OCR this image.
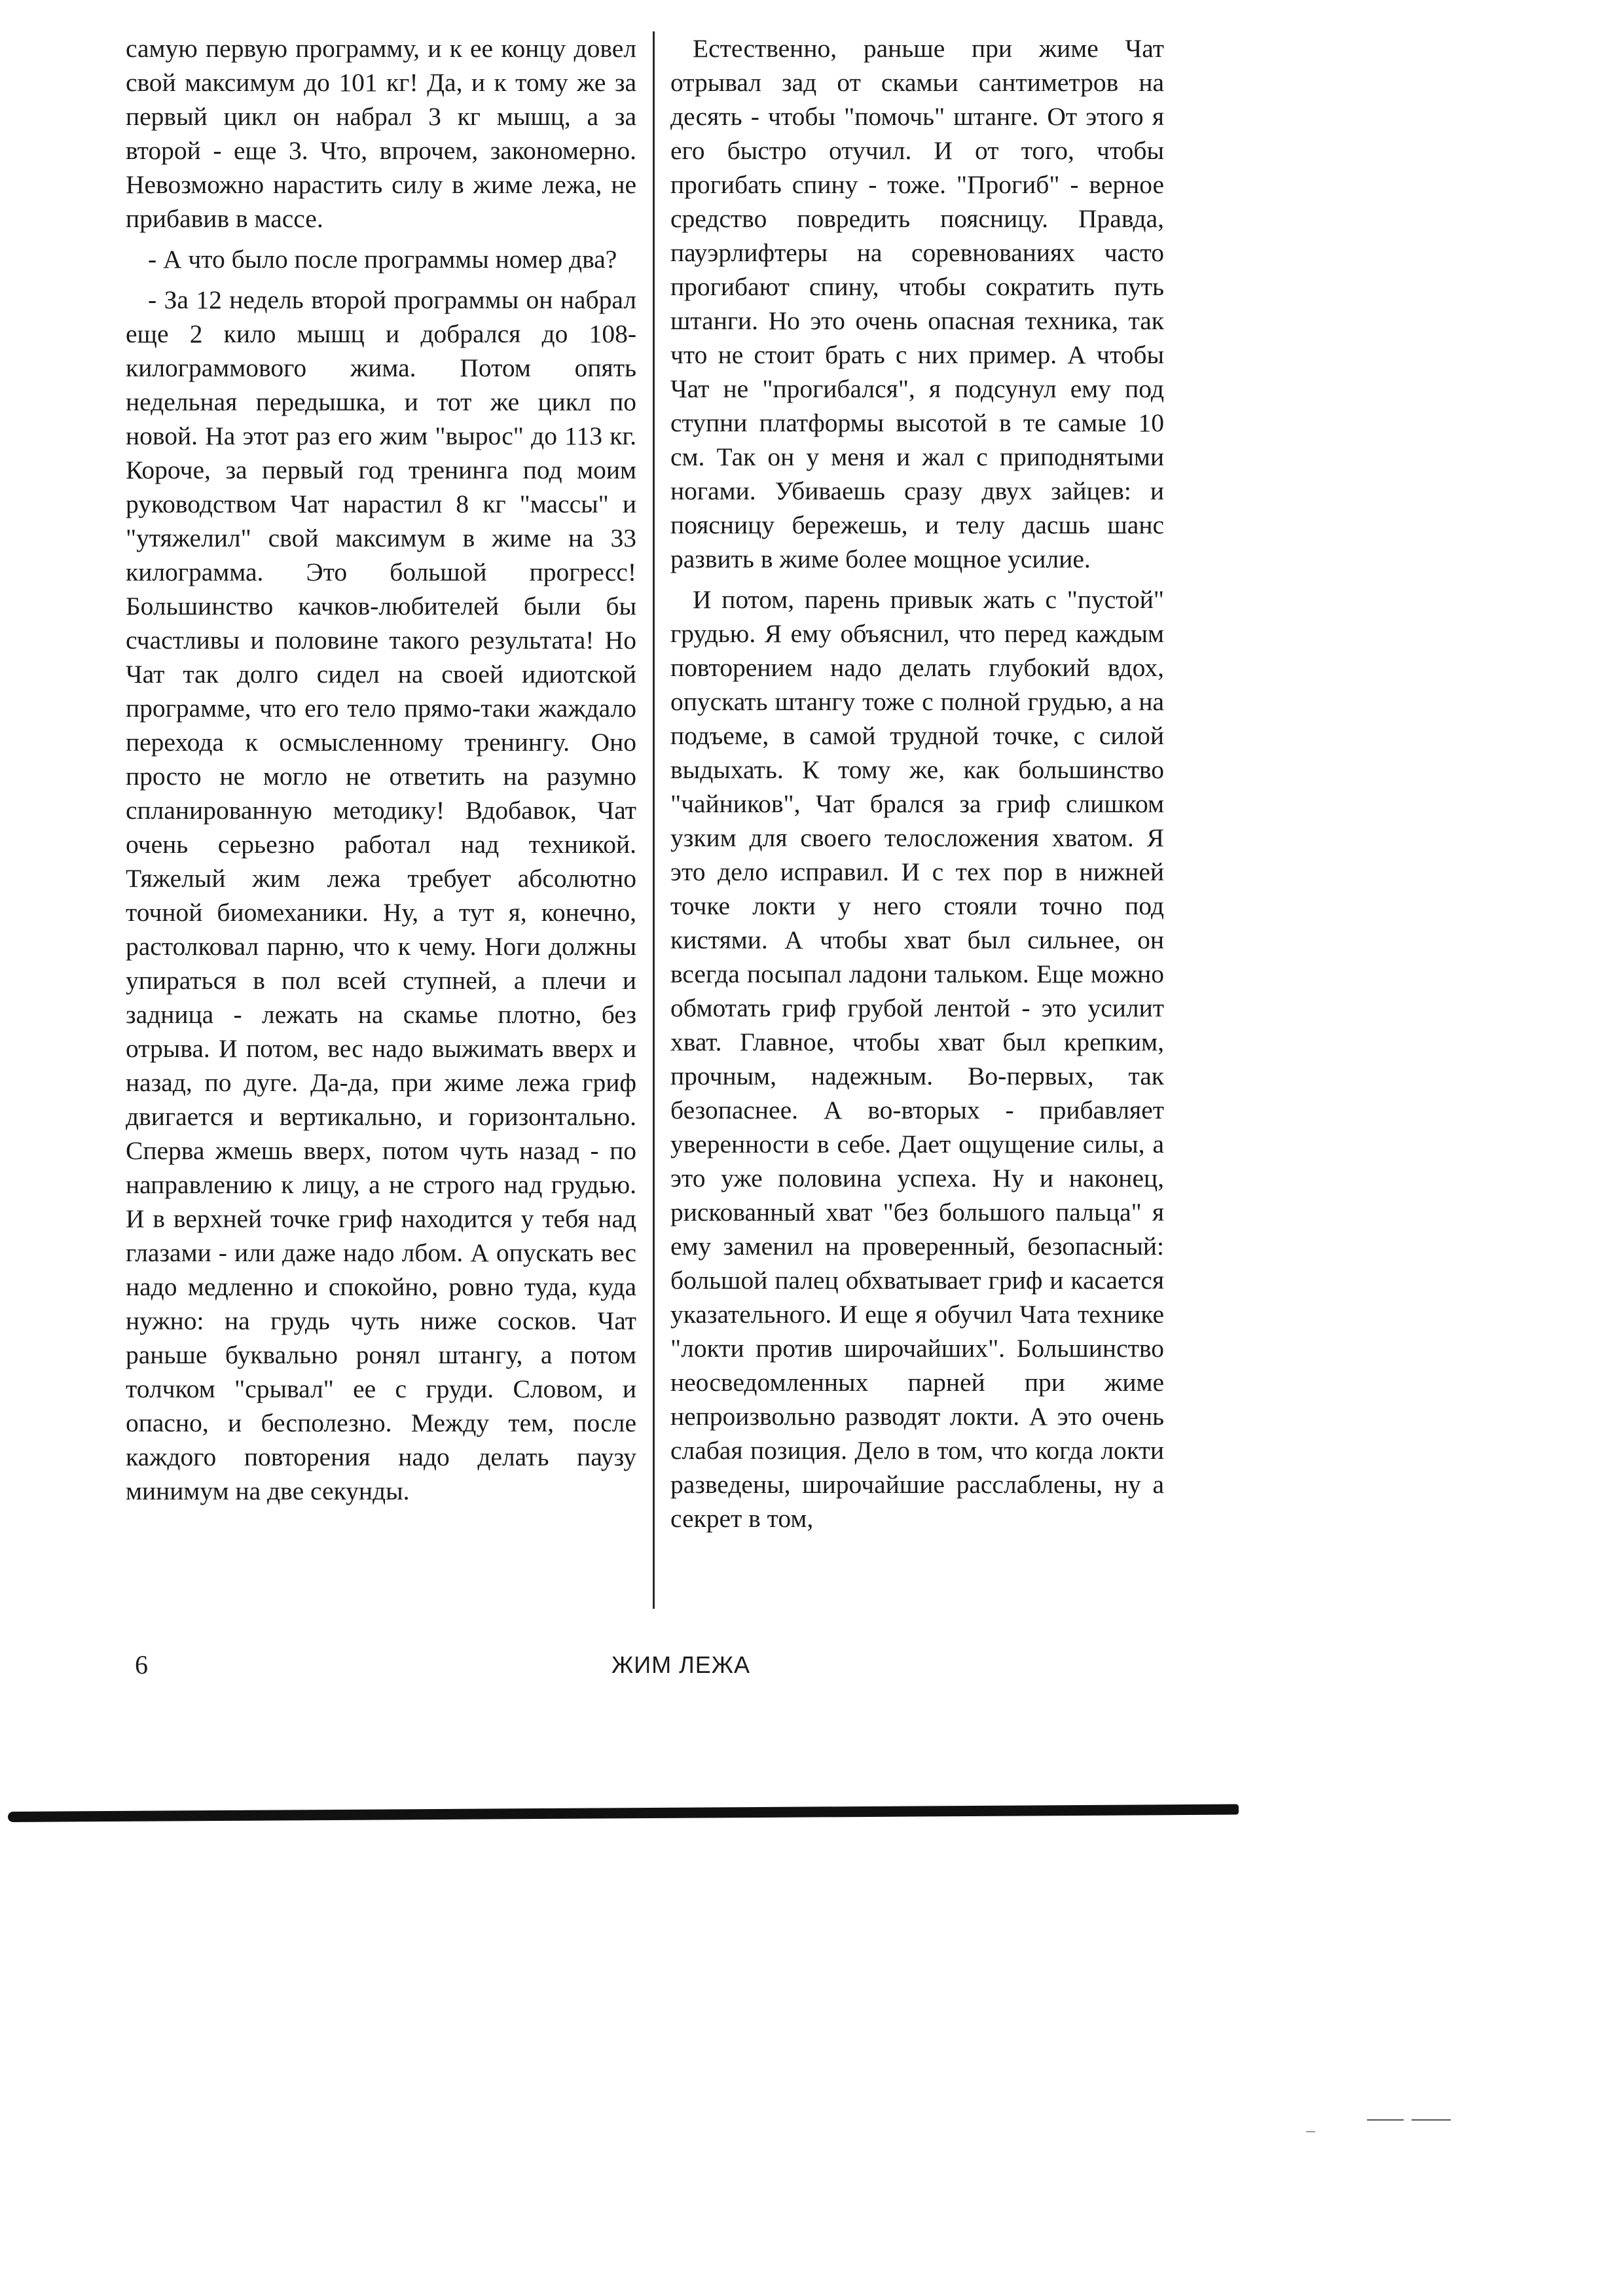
самую первую программу, и к ее концу довел свой максимум до 101 кг! Да, и к тому же за первый цикл он набрал 3 кг мышц, а за второй - еще 3. Что, впрочем, закономерно. Невозможно нарастить силу в жиме лежа, не прибавив в массе.

- А что было после программы номер два?

- За 12 недель второй программы он набрал еще 2 кило мышц и добрался до 108-килограммового жима. Потом опять недельная передышка, и тот же цикл по новой. На этот раз его жим "вырос" до 113 кг. Короче, за первый год тренинга под моим руководством Чат нарастил 8 кг "массы" и "утяжелил" свой максимум в жиме на 33 килограмма. Это большой прогресс! Большинство качков-любителей были бы счастливы и половине такого результата! Но Чат так долго сидел на своей идиотской программе, что его тело прямо-таки жаждало перехода к осмысленному тренингу. Оно просто не могло не ответить на разумно спланированную методику! Вдобавок, Чат очень серьезно работал над техникой. Тяжелый жим лежа требует абсолютно точной биомеханики. Ну, а тут я, конечно, растолковал парню, что к чему. Ноги должны упираться в пол всей ступней, а плечи и задница - лежать на скамье плотно, без отрыва. И потом, вес надо выжимать вверх и назад, по дуге. Да-да, при жиме лежа гриф двигается и вертикально, и горизонтально. Сперва жмешь вверх, потом чуть назад - по направлению к лицу, а не строго над грудью. И в верхней точке гриф находится у тебя над глазами - или даже надо лбом. А опускать вес надо медленно и спокойно, ровно туда, куда нужно: на грудь чуть ниже сосков. Чат раньше буквально ронял штангу, а потом толчком "срывал" ее с груди. Словом, и опасно, и бесполезно. Между тем, после каждого повторения надо делать паузу минимум на две секунды.

Естественно, раньше при жиме Чат отрывал зад от скамьи сантиметров на десять - чтобы "помочь" штанге. От этого я его быстро отучил. И от того, чтобы прогибать спину - тоже. "Прогиб" - верное средство повредить поясницу. Правда, пауэрлифтеры на соревнованиях часто прогибают спину, чтобы сократить путь штанги. Но это очень опасная техника, так что не стоит брать с них пример. А чтобы Чат не "прогибался", я подсунул ему под ступни платформы высотой в те самые 10 см. Так он у меня и жал с приподнятыми ногами. Убиваешь сразу двух зайцев: и поясницу бережешь, и телу дасшь шанс развить в жиме более мощное усилие.

И потом, парень привык жать с "пустой" грудью. Я ему объяснил, что перед каждым повторением надо делать глубокий вдох, опускать штангу тоже с полной грудью, а на подъеме, в самой трудной точке, с силой выдыхать. К тому же, как большинство "чайников", Чат брался за гриф слишком узким для своего телосложения хватом. Я это дело исправил. И с тех пор в нижней точке локти у него стояли точно под кистями. А чтобы хват был сильнее, он всегда посыпал ладони тальком. Еще можно обмотать гриф грубой лентой - это усилит хват. Главное, чтобы хват был крепким, прочным, надежным. Во-первых, так безопаснее. А во-вторых - прибавляет уверенности в себе. Дает ощущение силы, а это уже половина успеха. Ну и наконец, рискованный хват "без большого пальца" я ему заменил на проверенный, безопасный: большой палец обхватывает гриф и касается указательного. И еще я обучил Чата технике "локти против широчайших". Большинство неосведомленных парней при жиме непроизвольно разводят локти. А это очень слабая позиция. Дело в том, что когда локти разведены, широчайшие расслаблены, ну а секрет в том,

6	ЖИМ ЛЕЖА
